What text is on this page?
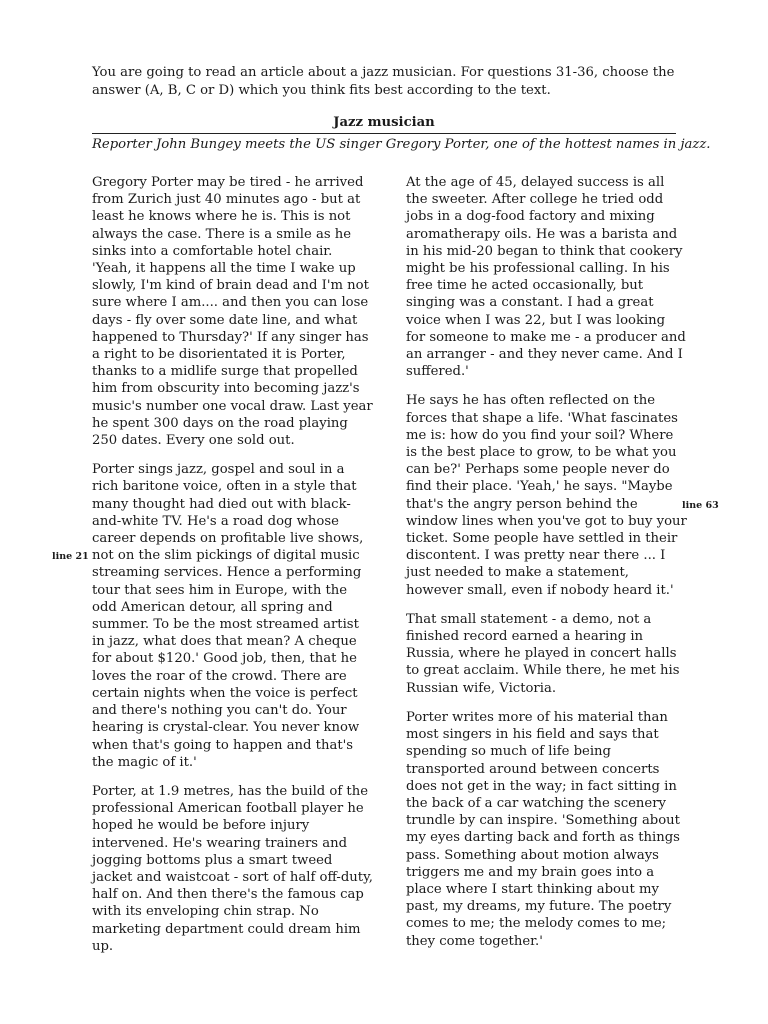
You are going to read an article about a jazz musician. For questions 31-36, choose the answer (A, B, C or D) which you think fits best according to the text.
Jazz musician
Reporter John Bungey meets the US singer Gregory Porter, one of the hottest names in jazz.

Gregory Porter may be tired - he arrived from Zurich just 40 minutes ago - but at least he knows where he is. This is not always the case. There is a smile as he sinks into a comfortable hotel chair. 'Yeah, it happens all the time I wake up slowly, I'm kind of brain dead and I'm not sure where I am.... and then you can lose days - fly over some date line, and what happened to Thursday?' If any singer has a right to be disorientated it is Porter, thanks to a midlife surge that propelled him from obscurity into becoming jazz's music's number one vocal draw. Last year he spent 300 days on the road playing 250 dates. Every one sold out.

Porter sings jazz, gospel and soul in a rich baritone voice, often in a style that many thought had died out with black-and-white TV. He's a road dog whose career depends on profitable live shows, not on the slim pickings of digital music streaming services. Hence a performing tour that sees him in Europe, with the odd American detour, all spring and summer. To be the most streamed artist in jazz, what does that mean? A cheque for about $120.' Good job, then, that he loves the roar of the crowd. There are certain nights when the voice is perfect and there's nothing you can't do. Your hearing is crystal-clear. You never know when that's going to happen and that's the magic of it.'

Porter, at 1.9 metres, has the build of the professional American football player he hoped he would be before injury intervened. He's wearing trainers and jogging bottoms plus a smart tweed jacket and waistcoat - sort of half off-duty, half on. And then there's the famous cap with its enveloping chin strap. No marketing department could dream him up.

At the age of 45, delayed success is all the sweeter. After college he tried odd jobs in a dog-food factory and mixing aromatherapy oils. He was a barista and in his mid-20 began to think that cookery might be his professional calling. In his free time he acted occasionally, but singing was a constant. I had a great voice when I was 22, but I was looking for someone to make me - a producer and an arranger - and they never came. And I suffered.'

He says he has often reflected on the forces that shape a life. 'What fascinates me is: how do you find your soil? Where is the best place to grow, to be what you can be?' Perhaps some people never do find their place. 'Yeah,' he says. "Maybe that's the angry person behind the window lines when you've got to buy your ticket. Some people have settled in their discontent. I was pretty near there ... I just needed to make a statement, however small, even if nobody heard it.'

That small statement - a demo, not a finished record earned a hearing in Russia, where he played in concert halls to great acclaim. While there, he met his Russian wife, Victoria.

Porter writes more of his material than most singers in his field and says that spending so much of life being transported around between concerts does not get in the way; in fact sitting in the back of a car watching the scenery trundle by can inspire. 'Something about my eyes darting back and forth as things pass. Something about motion always triggers me and my brain goes into a place where I start thinking about my past, my dreams, my future. The poetry comes to me; the melody comes to me; they come together.'

line 21
line 63
